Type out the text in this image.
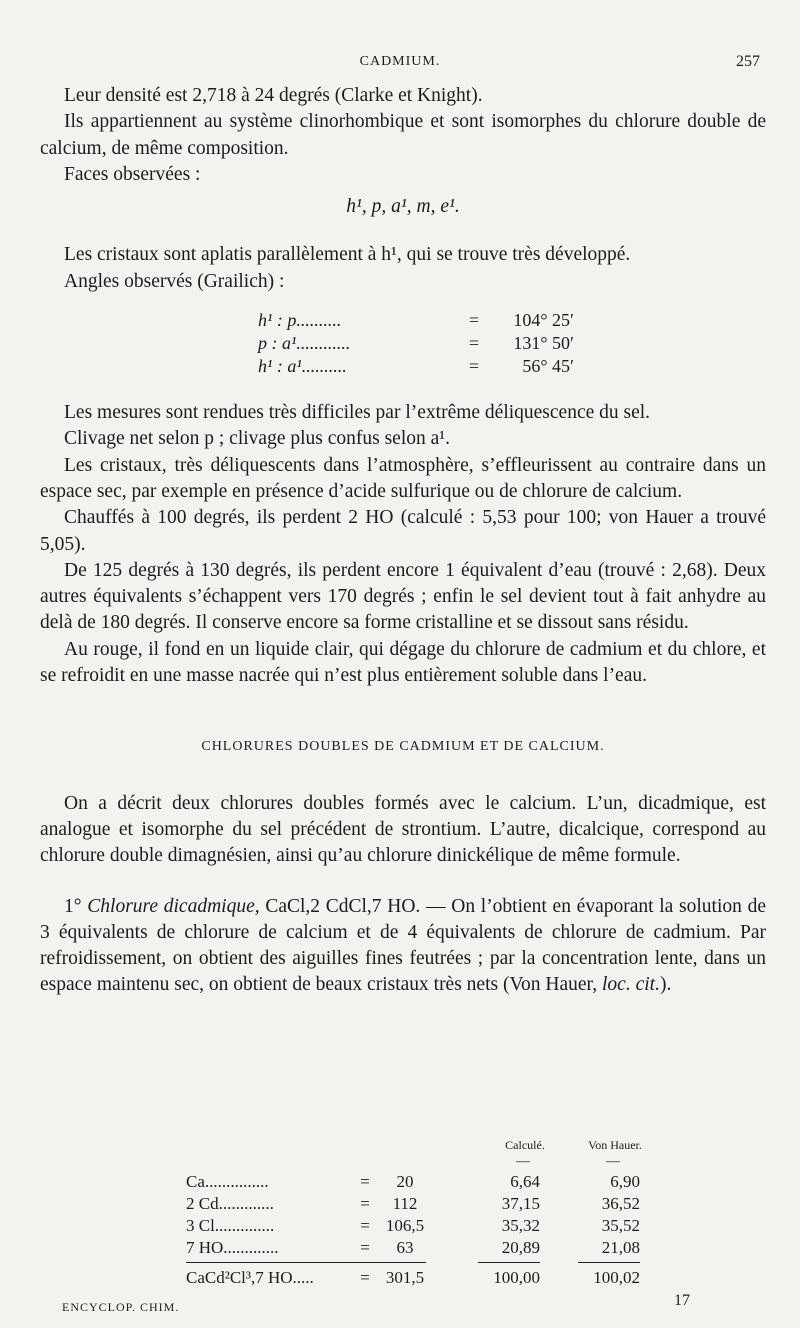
CADMIUM.	257

Leur densité est 2,718 à 24 degrés (Clarke et Knight).

Ils appartiennent au système clinorhombique et sont isomorphes du chlorure double de calcium, de même composition.

Faces observées :

h¹, p, a¹, m, e¹.

Les cristaux sont aplatis parallèlement à h¹, qui se trouve très développé.

Angles observés (Grailich) :

h¹ : p..........	=	104° 25′
p : a¹............	=	131° 50′
h¹ : a¹..........	=	56° 45′

Les mesures sont rendues très difficiles par l’extrême déliquescence du sel.

Clivage net selon p ; clivage plus confus selon a¹.

Les cristaux, très déliquescents dans l’atmosphère, s’effleurissent au contraire dans un espace sec, par exemple en présence d’acide sulfurique ou de chlorure de calcium.

Chauffés à 100 degrés, ils perdent 2 HO (calculé : 5,53 pour 100; von Hauer a trouvé 5,05).

De 125 degrés à 130 degrés, ils perdent encore 1 équivalent d’eau (trouvé : 2,68). Deux autres équivalents s’échappent vers 170 degrés ; enfin le sel devient tout à fait anhydre au delà de 180 degrés. Il conserve encore sa forme cristalline et se dissout sans résidu.

Au rouge, il fond en un liquide clair, qui dégage du chlorure de cadmium et du chlore, et se refroidit en une masse nacrée qui n’est plus entièrement soluble dans l’eau.

CHLORURES DOUBLES DE CADMIUM ET DE CALCIUM.

On a décrit deux chlorures doubles formés avec le calcium. L’un, dicadmique, est analogue et isomorphe du sel précédent de strontium. L’autre, dicalcique, correspond au chlorure double dimagnésien, ainsi qu’au chlorure dinickélique de même formule.

1° Chlorure dicadmique, CaCl,2 CdCl,7 HO. — On l’obtient en évaporant la solution de 3 équivalents de chlorure de calcium et de 4 équivalents de chlorure de cadmium. Par refroidissement, on obtient des aiguilles fines feutrées ; par la concentration lente, dans un espace maintenu sec, on obtient de beaux cristaux très nets (Von Hauer, loc. cit.).

Calculé.	Von Hauer.
—	—
Ca...............	=	20	6,64	6,90
2 Cd.............	=	112	37,15	36,52
3 Cl..............	= 106,5	35,32	35,52
7 HO.............	=	63	20,89	21,08
CaCd²Cl³,7 HO.....	= 301,5	100,00	100,02
ENCYCLOP. CHIM.	17
